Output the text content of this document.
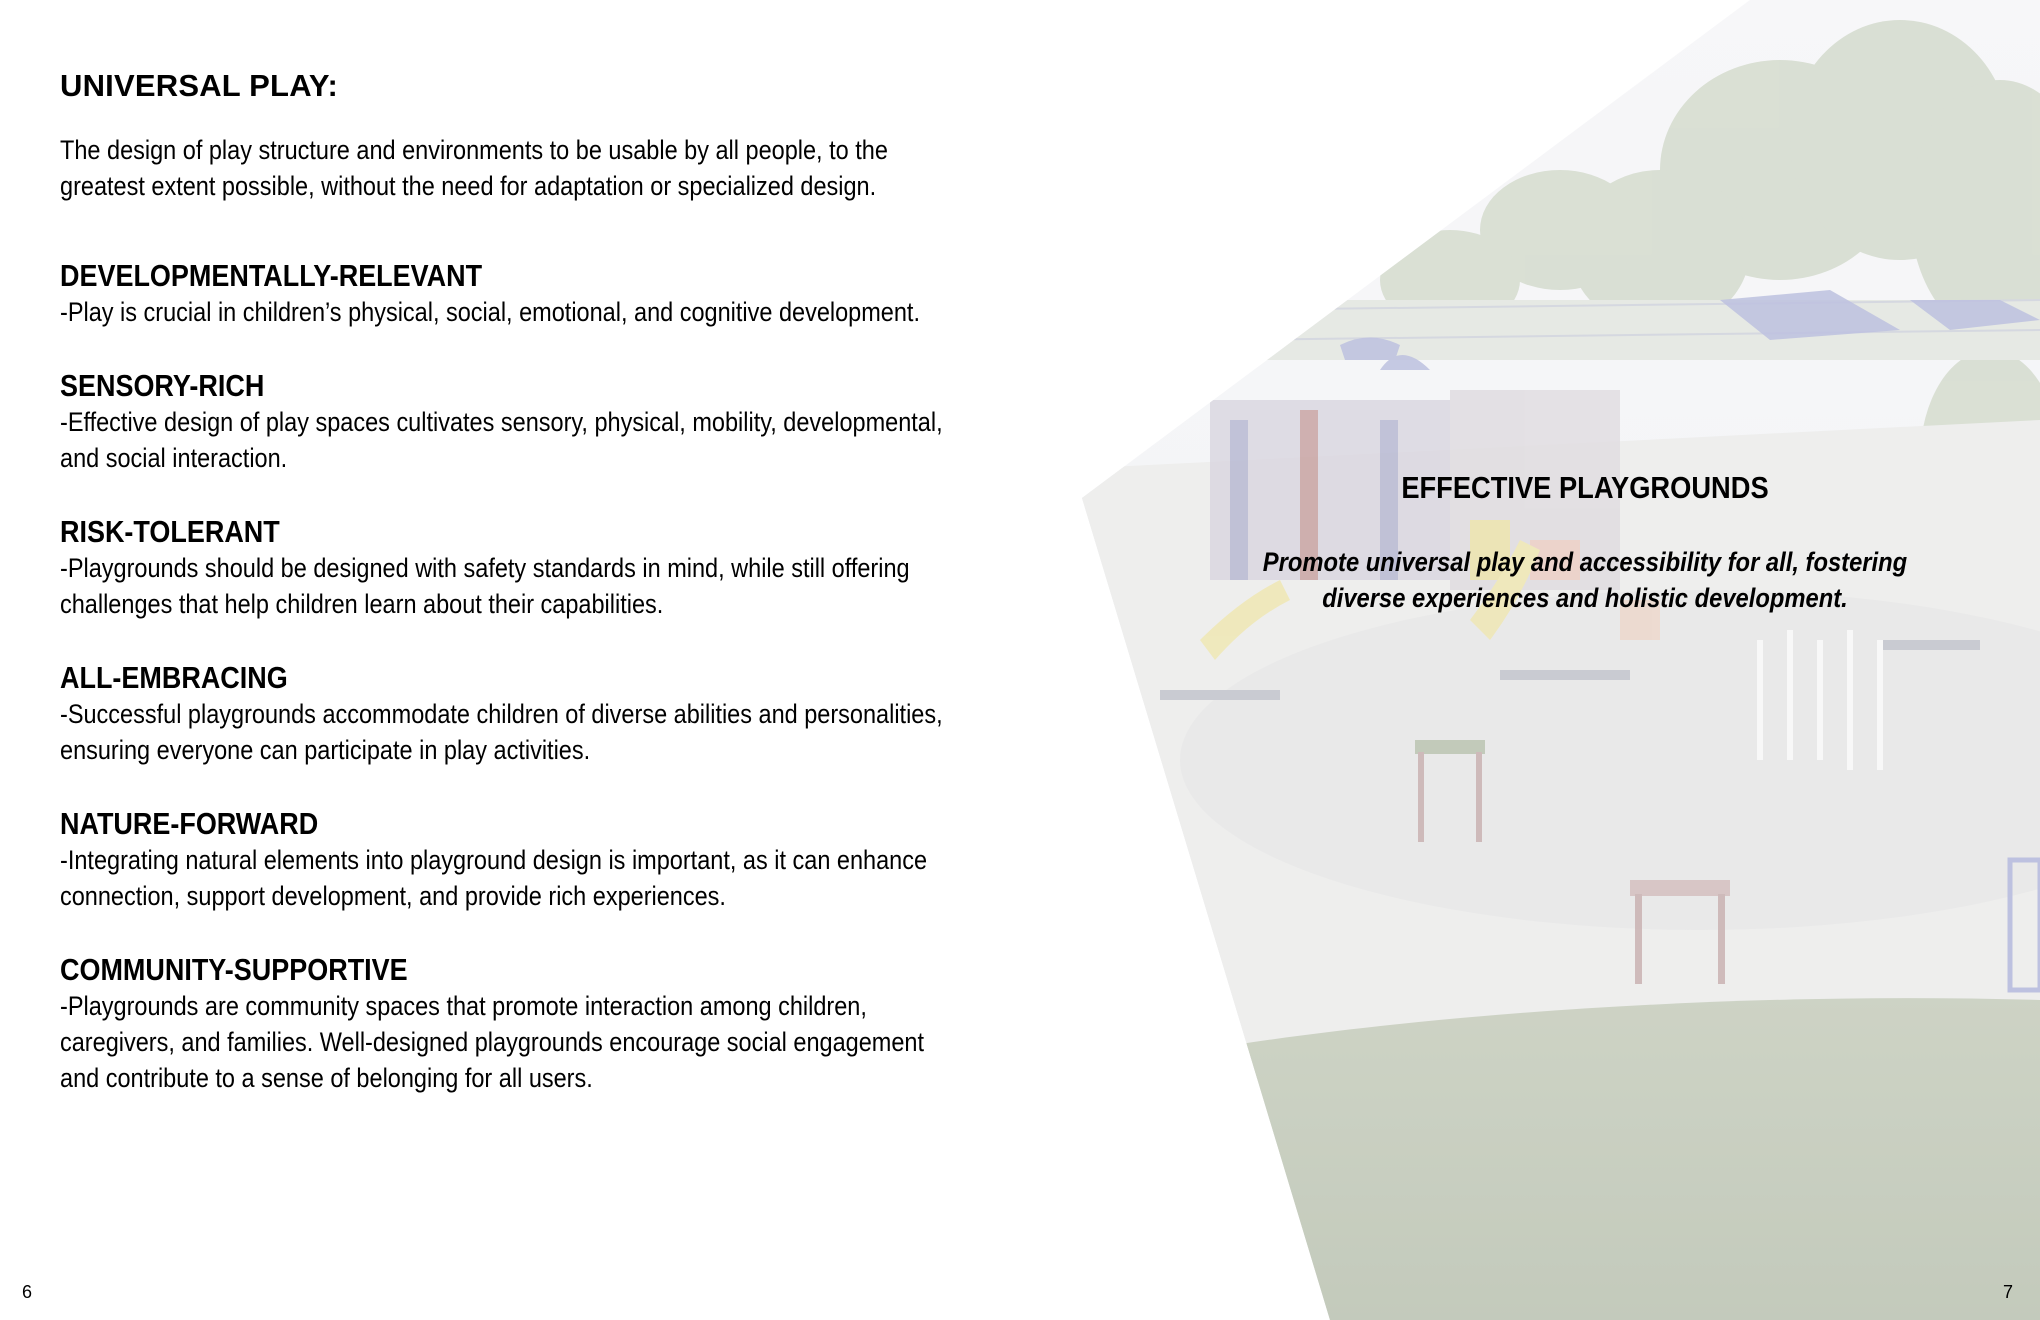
UNIVERSAL PLAY:

The design of play structure and environments to be usable by all people, to the greatest extent possible, without the need for adaptation or specialized design.

DEVELOPMENTALLY-RELEVANT

-Play is crucial in children’s physical, social, emotional, and cognitive development.

SENSORY-RICH

-Effective design of play spaces cultivates sensory, physical, mobility, developmental, and social interaction.

RISK-TOLERANT

-Playgrounds should be designed with safety standards in mind, while still offering challenges that help children learn about their capabilities.

ALL-EMBRACING

-Successful playgrounds accommodate children of diverse abilities and personalities, ensuring everyone can participate in play activities.

NATURE-FORWARD

-Integrating natural elements into playground design is important, as it can enhance connection, support development, and provide rich experiences.

COMMUNITY-SUPPORTIVE

-Playgrounds are community spaces that promote interaction among children, caregivers, and families. Well-designed playgrounds encourage social engagement and contribute to a sense of belonging for all users.

EFFECTIVE PLAYGROUNDS

Promote universal play and accessibility for all, fostering diverse experiences and holistic development.

6	7
